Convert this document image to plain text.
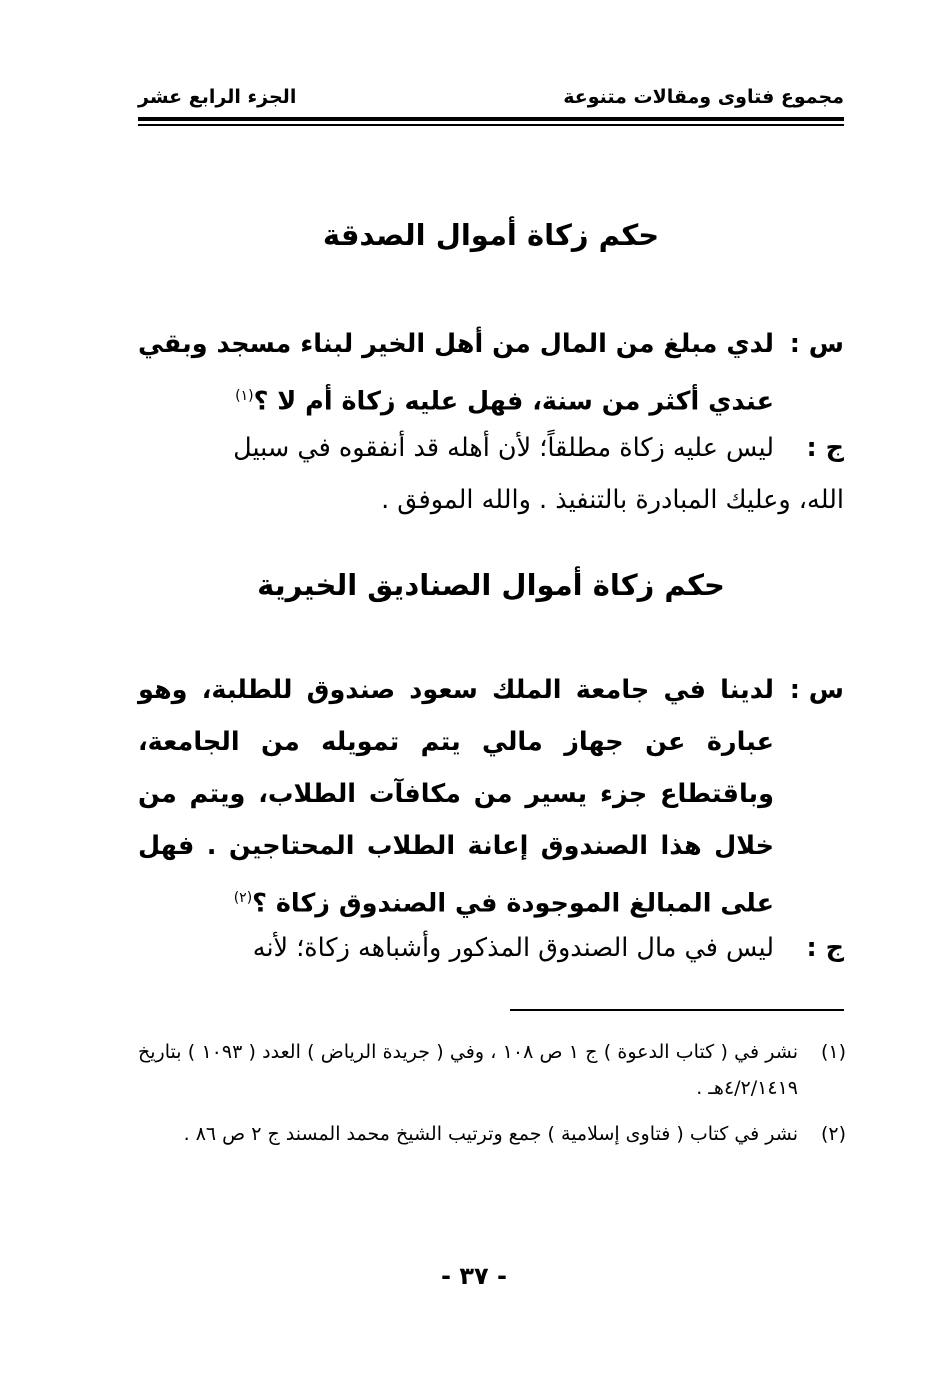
مجموع فتاوى ومقالات متنوعة
الجزء الرابع عشر
حكم زكاة أموال الصدقة
س :
لدي مبلغ من المال من أهل الخير لبناء مسجد وبقي عندي أكثر من سنة، فهل عليه زكاة أم لا ؟$^{(١)}$
ج :
ليس عليه زكاة مطلقاً؛ لأن أهله قد أنفقوه في سبيل
الله، وعليك المبادرة بالتنفيذ . والله الموفق .
حكم زكاة أموال الصناديق الخيرية
س :
لدينا في جامعة الملك سعود صندوق للطلبة، وهو عبارة عن جهاز مالي يتم تمويله من الجامعة، وباقتطاع جزء يسير من مكافآت الطلاب، ويتم من خلال هذا الصندوق إعانة الطلاب المحتاجين . فهل على المبالغ الموجودة في الصندوق زكاة ؟$^{(٢)}$
ج :
ليس في مال الصندوق المذكور وأشباهه زكاة؛ لأنه
(١)
نشر في ( كتاب الدعوة ) ج ١ ص ١٠٨ ، وفي ( جريدة الرياض ) العدد ( ١٠٩٣ ) بتاريخ ٤/٢/١٤١٩هـ .
(٢)
نشر في كتاب ( فتاوى إسلامية ) جمع وترتيب الشيخ محمد المسند ج ٢ ص ٨٦ .
- ٣٧ -
